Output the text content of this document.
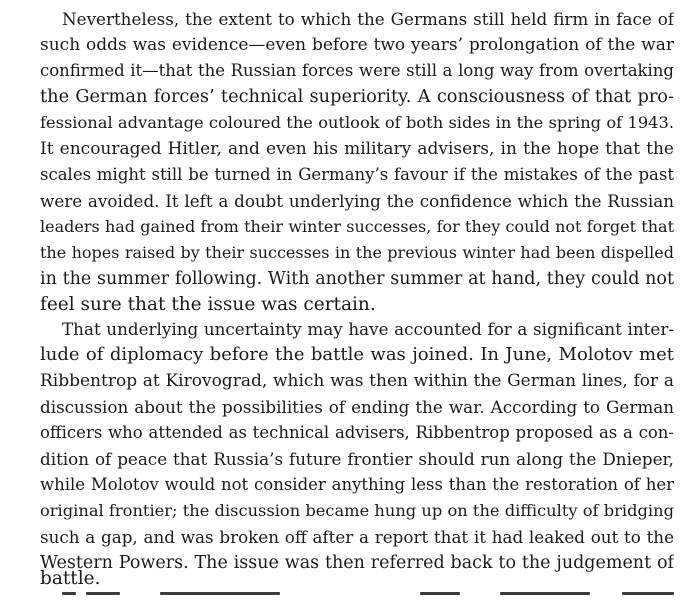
Nevertheless, the extent to which the Germans still held firm in face of
such odds was evidence—even before two years’ prolongation of the war
confirmed it—that the Russian forces were still a long way from overtaking
the German forces’ technical superiority. A consciousness of that pro-
fessional advantage coloured the outlook of both sides in the spring of 1943.
It encouraged Hitler, and even his military advisers, in the hope that the
scales might still be turned in Germany’s favour if the mistakes of the past
were avoided. It left a doubt underlying the confidence which the Russian
leaders had gained from their winter successes, for they could not forget that
the hopes raised by their successes in the previous winter had been dispelled
in the summer following. With another summer at hand, they could not
feel sure that the issue was certain.
That underlying uncertainty may have accounted for a significant inter-
lude of diplomacy before the battle was joined. In June, Molotov met
Ribbentrop at Kirovograd, which was then within the German lines, for a
discussion about the possibilities of ending the war. According to German
officers who attended as technical advisers, Ribbentrop proposed as a con-
dition of peace that Russia’s future frontier should run along the Dnieper,
while Molotov would not consider anything less than the restoration of her
original frontier; the discussion became hung up on the difficulty of bridging
such a gap, and was broken off after a report that it had leaked out to the
Western Powers. The issue was then referred back to the judgement of
battle.
